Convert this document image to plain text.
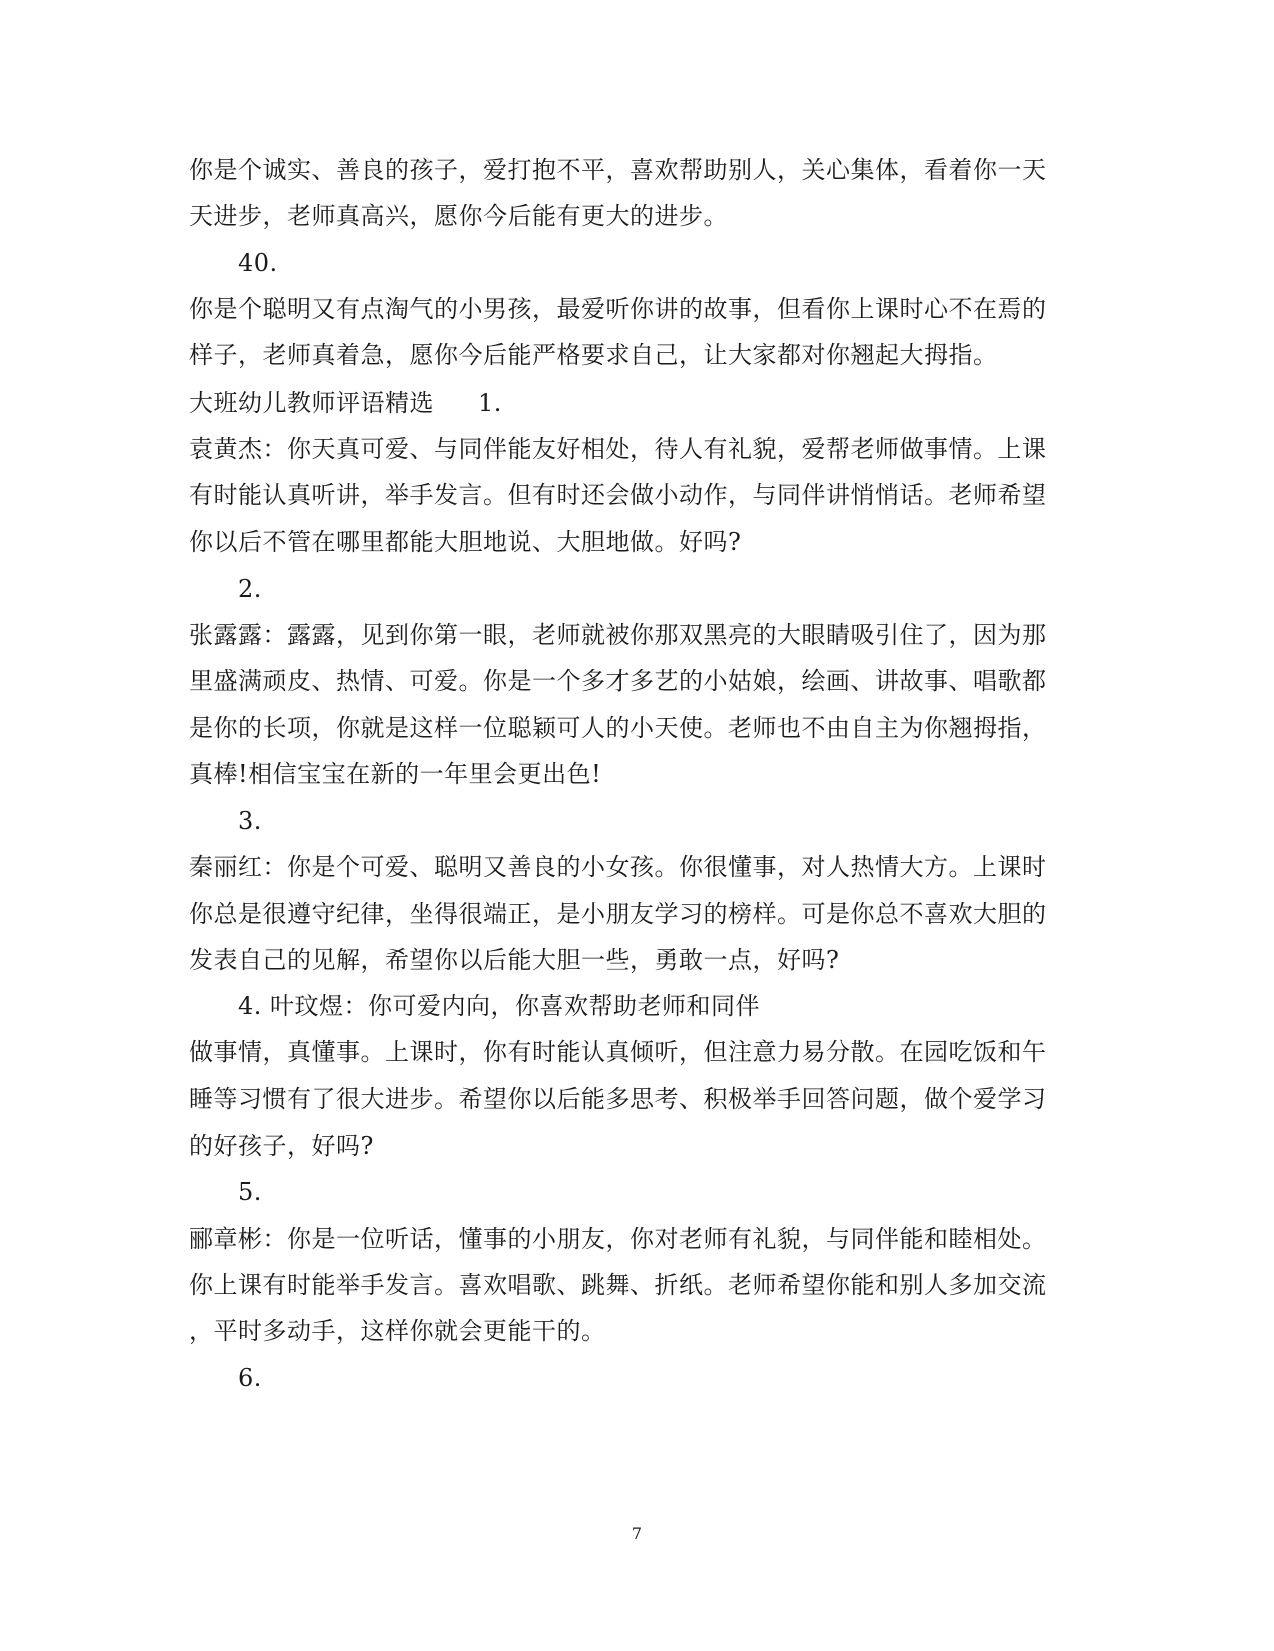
你是个诚实、善良的孩子，爱打抱不平，喜欢帮助别人，关心集体，看着你一天
天进步，老师真高兴，愿你今后能有更大的进步。
40.
你是个聪明又有点淘气的小男孩，最爱听你讲的故事，但看你上课时心不在焉的
样子，老师真着急，愿你今后能严格要求自己，让大家都对你翘起大拇指。
大班幼儿教师评语精选 1.
袁黄杰：你天真可爱、与同伴能友好相处，待人有礼貌，爱帮老师做事情。上课
有时能认真听讲，举手发言。但有时还会做小动作，与同伴讲悄悄话。老师希望
你以后不管在哪里都能大胆地说、大胆地做。好吗?
2.
张露露：露露，见到你第一眼，老师就被你那双黑亮的大眼睛吸引住了，因为那
里盛满顽皮、热情、可爱。你是一个多才多艺的小姑娘，绘画、讲故事、唱歌都
是你的长项，你就是这样一位聪颖可人的小天使。老师也不由自主为你翘拇指，
真棒!相信宝宝在新的一年里会更出色!
3.
秦丽红：你是个可爱、聪明又善良的小女孩。你很懂事，对人热情大方。上课时
你总是很遵守纪律，坐得很端正，是小朋友学习的榜样。可是你总不喜欢大胆的
发表自己的见解，希望你以后能大胆一些，勇敢一点，好吗?
4. 叶玟煜：你可爱内向，你喜欢帮助老师和同伴
做事情，真懂事。上课时，你有时能认真倾听，但注意力易分散。在园吃饭和午
睡等习惯有了很大进步。希望你以后能多思考、积极举手回答问题，做个爱学习
的好孩子，好吗?
5.
郦章彬：你是一位听话，懂事的小朋友，你对老师有礼貌，与同伴能和睦相处。
你上课有时能举手发言。喜欢唱歌、跳舞、折纸。老师希望你能和别人多加交流
，平时多动手，这样你就会更能干的。
6.
7
